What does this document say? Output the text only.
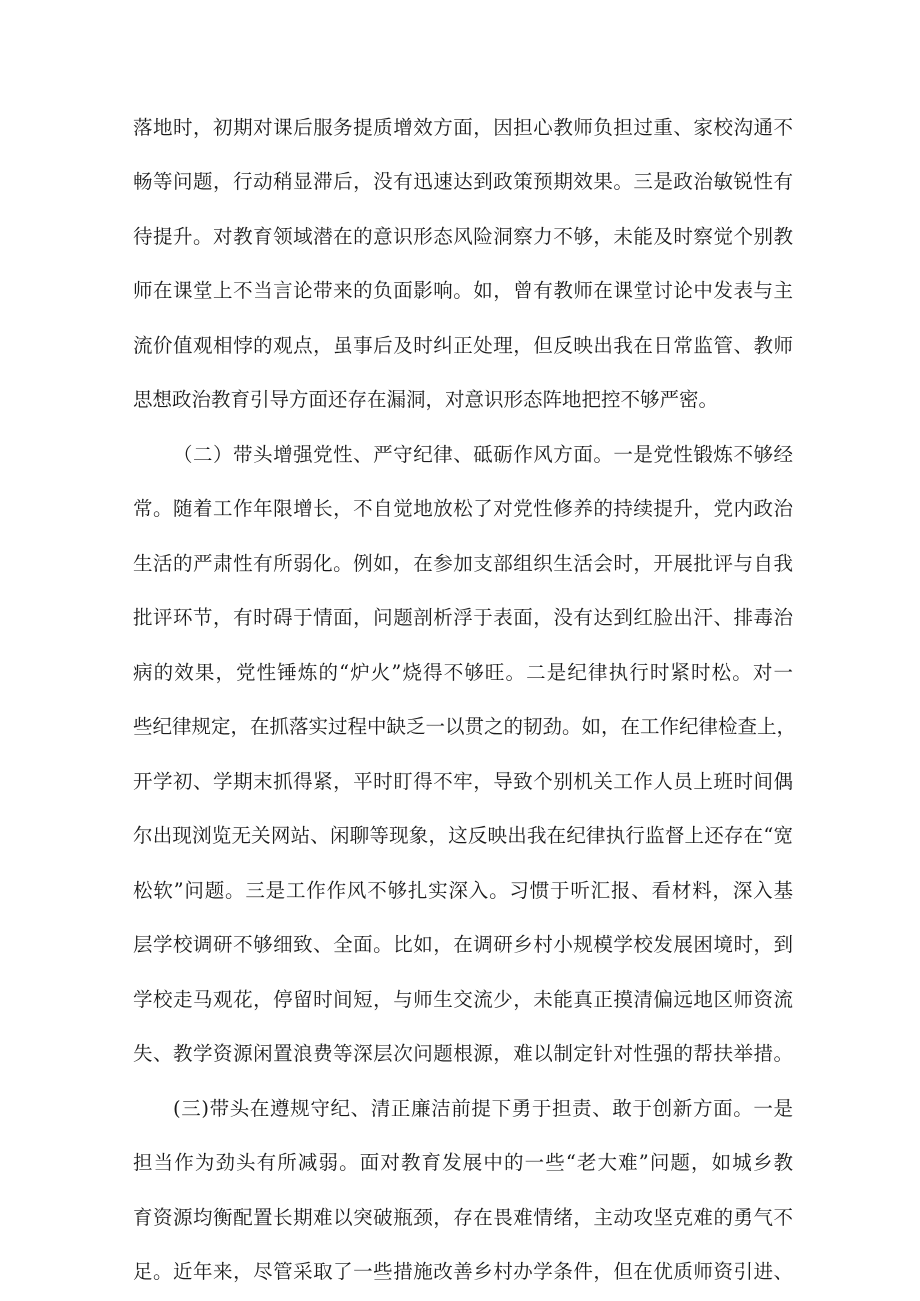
落地时，初期对课后服务提质增效方面，因担心教师负担过重、家校沟通不
畅等问题，行动稍显滞后，没有迅速达到政策预期效果。三是政治敏锐性有
待提升。对教育领域潜在的意识形态风险洞察力不够，未能及时察觉个别教
师在课堂上不当言论带来的负面影响。如，曾有教师在课堂讨论中发表与主
流价值观相悖的观点，虽事后及时纠正处理，但反映出我在日常监管、教师
思想政治教育引导方面还存在漏洞，对意识形态阵地把控不够严密。
（二）带头增强党性、严守纪律、砥砺作风方面。一是党性锻炼不够经
常。随着工作年限增长，不自觉地放松了对党性修养的持续提升，党内政治
生活的严肃性有所弱化。例如，在参加支部组织生活会时，开展批评与自我
批评环节，有时碍于情面，问题剖析浮于表面，没有达到红脸出汗、排毒治
病的效果，党性锤炼的“炉火”烧得不够旺。二是纪律执行时紧时松。对一
些纪律规定，在抓落实过程中缺乏一以贯之的韧劲。如，在工作纪律检查上，
开学初、学期末抓得紧，平时盯得不牢，导致个别机关工作人员上班时间偶
尔出现浏览无关网站、闲聊等现象，这反映出我在纪律执行监督上还存在“宽
松软”问题。三是工作作风不够扎实深入。习惯于听汇报、看材料，深入基
层学校调研不够细致、全面。比如，在调研乡村小规模学校发展困境时，到
学校走马观花，停留时间短，与师生交流少，未能真正摸清偏远地区师资流
失、教学资源闲置浪费等深层次问题根源，难以制定针对性强的帮扶举措。
(三)带头在遵规守纪、清正廉洁前提下勇于担责、敢于创新方面。一是
担当作为劲头有所减弱。面对教育发展中的一些“老大难”问题，如城乡教
育资源均衡配置长期难以突破瓶颈，存在畏难情绪，主动攻坚克难的勇气不
足。近年来，尽管采取了一些措施改善乡村办学条件，但在优质师资引进、
